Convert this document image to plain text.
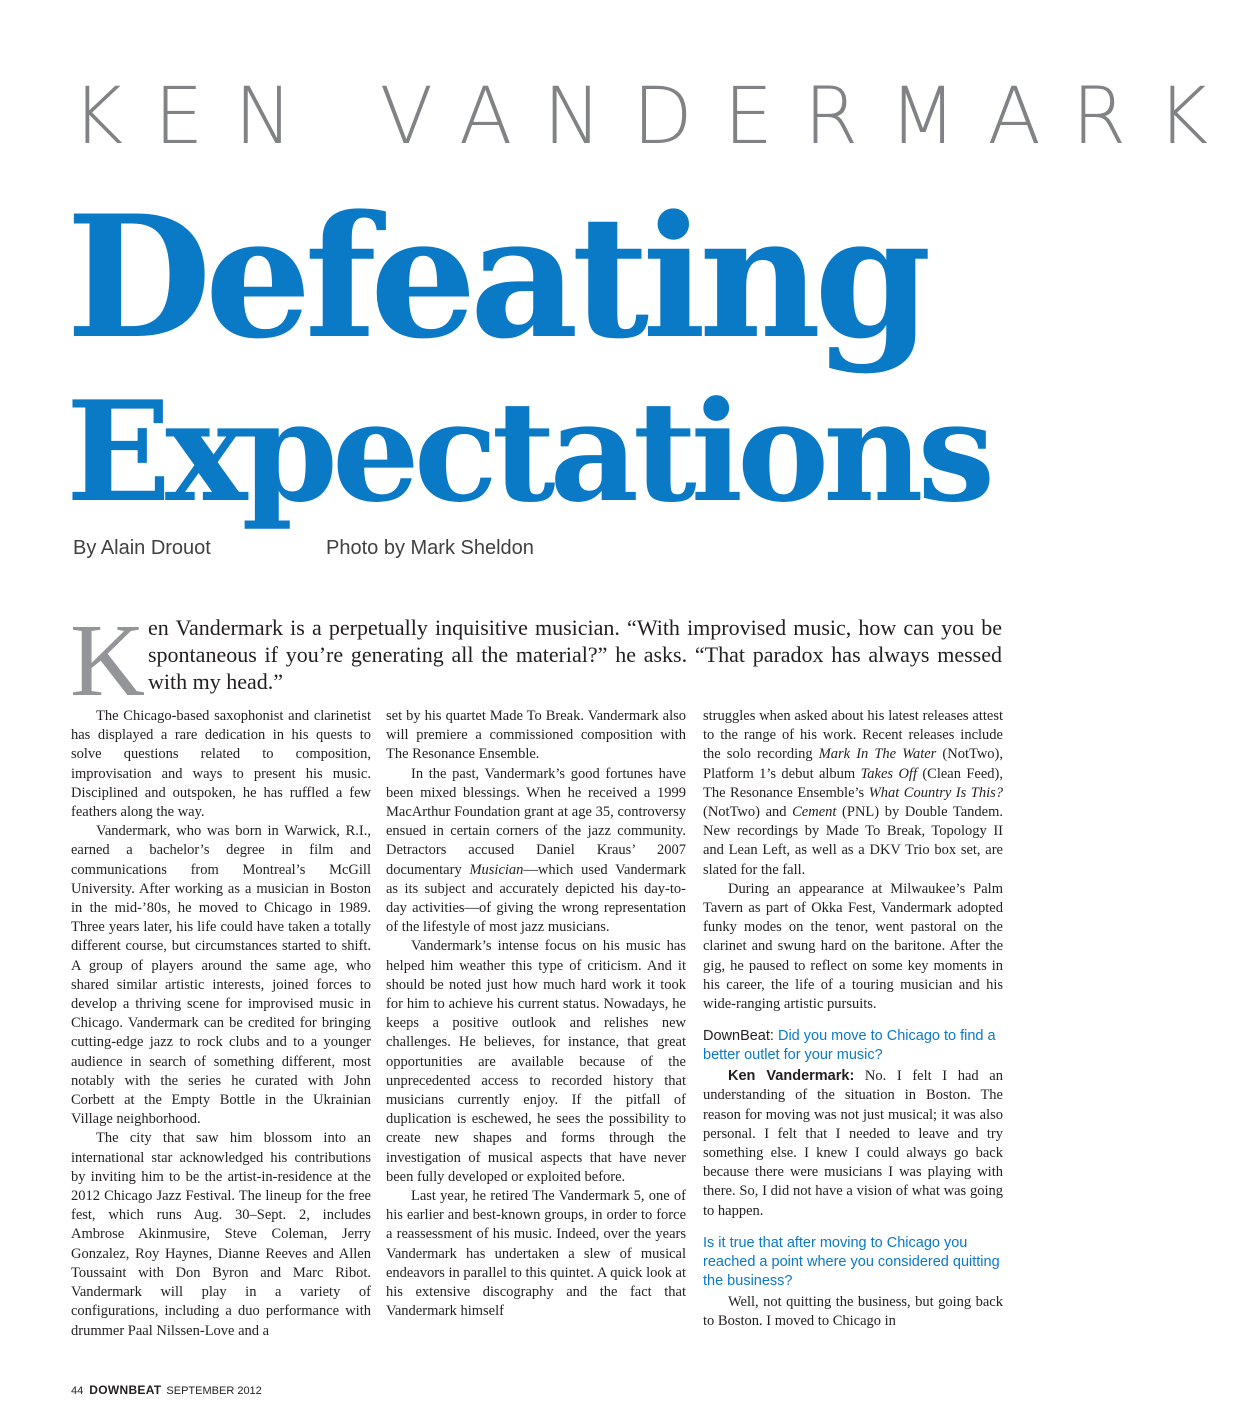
KEN VANDERMARK
Defeating
Expectations
By Alain Drouot	Photo by Mark Sheldon
K en Vandermark is a perpetually inquisitive musician. “With improvised music, how can you be spontaneous if you’re generating all the material?” he asks. “That paradox has always messed with my head.”

The Chicago-based saxophonist and clarinetist has displayed a rare dedication in his quests to solve questions related to composition, improvisation and ways to present his music. Disciplined and outspoken, he has ruffled a few feathers along the way.

Vandermark, who was born in Warwick, R.I., earned a bachelor’s degree in film and communications from Montreal’s McGill University. After working as a musician in Boston in the mid-’80s, he moved to Chicago in 1989. Three years later, his life could have taken a totally different course, but circumstances started to shift. A group of players around the same age, who shared similar artistic interests, joined forces to develop a thriving scene for improvised music in Chicago. Vandermark can be credited for bringing cutting-edge jazz to rock clubs and to a younger audience in search of something different, most notably with the series he curated with John Corbett at the Empty Bottle in the Ukrainian Village neighborhood.

The city that saw him blossom into an international star acknowledged his contributions by inviting him to be the artist-in-residence at the 2012 Chicago Jazz Festival. The lineup for the free fest, which runs Aug. 30–Sept. 2, includes Ambrose Akinmusire, Steve Coleman, Jerry Gonzalez, Roy Haynes, Dianne Reeves and Allen Toussaint with Don Byron and Marc Ribot. Vandermark will play in a variety of configurations, including a duo performance with drummer Paal Nilssen-Love and a

set by his quartet Made To Break. Vandermark also will premiere a commissioned composition with The Resonance Ensemble.

In the past, Vandermark’s good fortunes have been mixed blessings. When he received a 1999 MacArthur Foundation grant at age 35, controversy ensued in certain corners of the jazz community. Detractors accused Daniel Kraus’ 2007 documentary Musician—which used Vandermark as its subject and accurately depicted his day-to-day activities—of giving the wrong representation of the lifestyle of most jazz musicians.

Vandermark’s intense focus on his music has helped him weather this type of criticism. And it should be noted just how much hard work it took for him to achieve his current status. Nowadays, he keeps a positive outlook and relishes new challenges. He believes, for instance, that great opportunities are available because of the unprecedented access to recorded history that musicians currently enjoy. If the pitfall of duplication is eschewed, he sees the possibility to create new shapes and forms through the investigation of musical aspects that have never been fully developed or exploited before.

Last year, he retired The Vandermark 5, one of his earlier and best-known groups, in order to force a reassessment of his music. Indeed, over the years Vandermark has undertaken a slew of musical endeavors in parallel to this quintet. A quick look at his extensive discography and the fact that Vandermark himself

struggles when asked about his latest releases attest to the range of his work. Recent releases include the solo recording Mark In The Water (NotTwo), Platform 1’s debut album Takes Off (Clean Feed), The Resonance Ensemble’s What Country Is This? (NotTwo) and Cement (PNL) by Double Tandem. New recordings by Made To Break, Topology II and Lean Left, as well as a DKV Trio box set, are slated for the fall.

During an appearance at Milwaukee’s Palm Tavern as part of Okka Fest, Vandermark adopted funky modes on the tenor, went pastoral on the clarinet and swung hard on the baritone. After the gig, he paused to reflect on some key moments in his career, the life of a touring musician and his wide-ranging artistic pursuits.

DownBeat: Did you move to Chicago to find a better outlet for your music?

Ken Vandermark: No. I felt I had an understanding of the situation in Boston. The reason for moving was not just musical; it was also personal. I felt that I needed to leave and try something else. I knew I could always go back because there were musicians I was playing with there. So, I did not have a vision of what was going to happen.

Is it true that after moving to Chicago you reached a point where you considered quitting the business?

Well, not quitting the business, but going back to Boston. I moved to Chicago in

44 DOWNBEAT SEPTEMBER 2012
